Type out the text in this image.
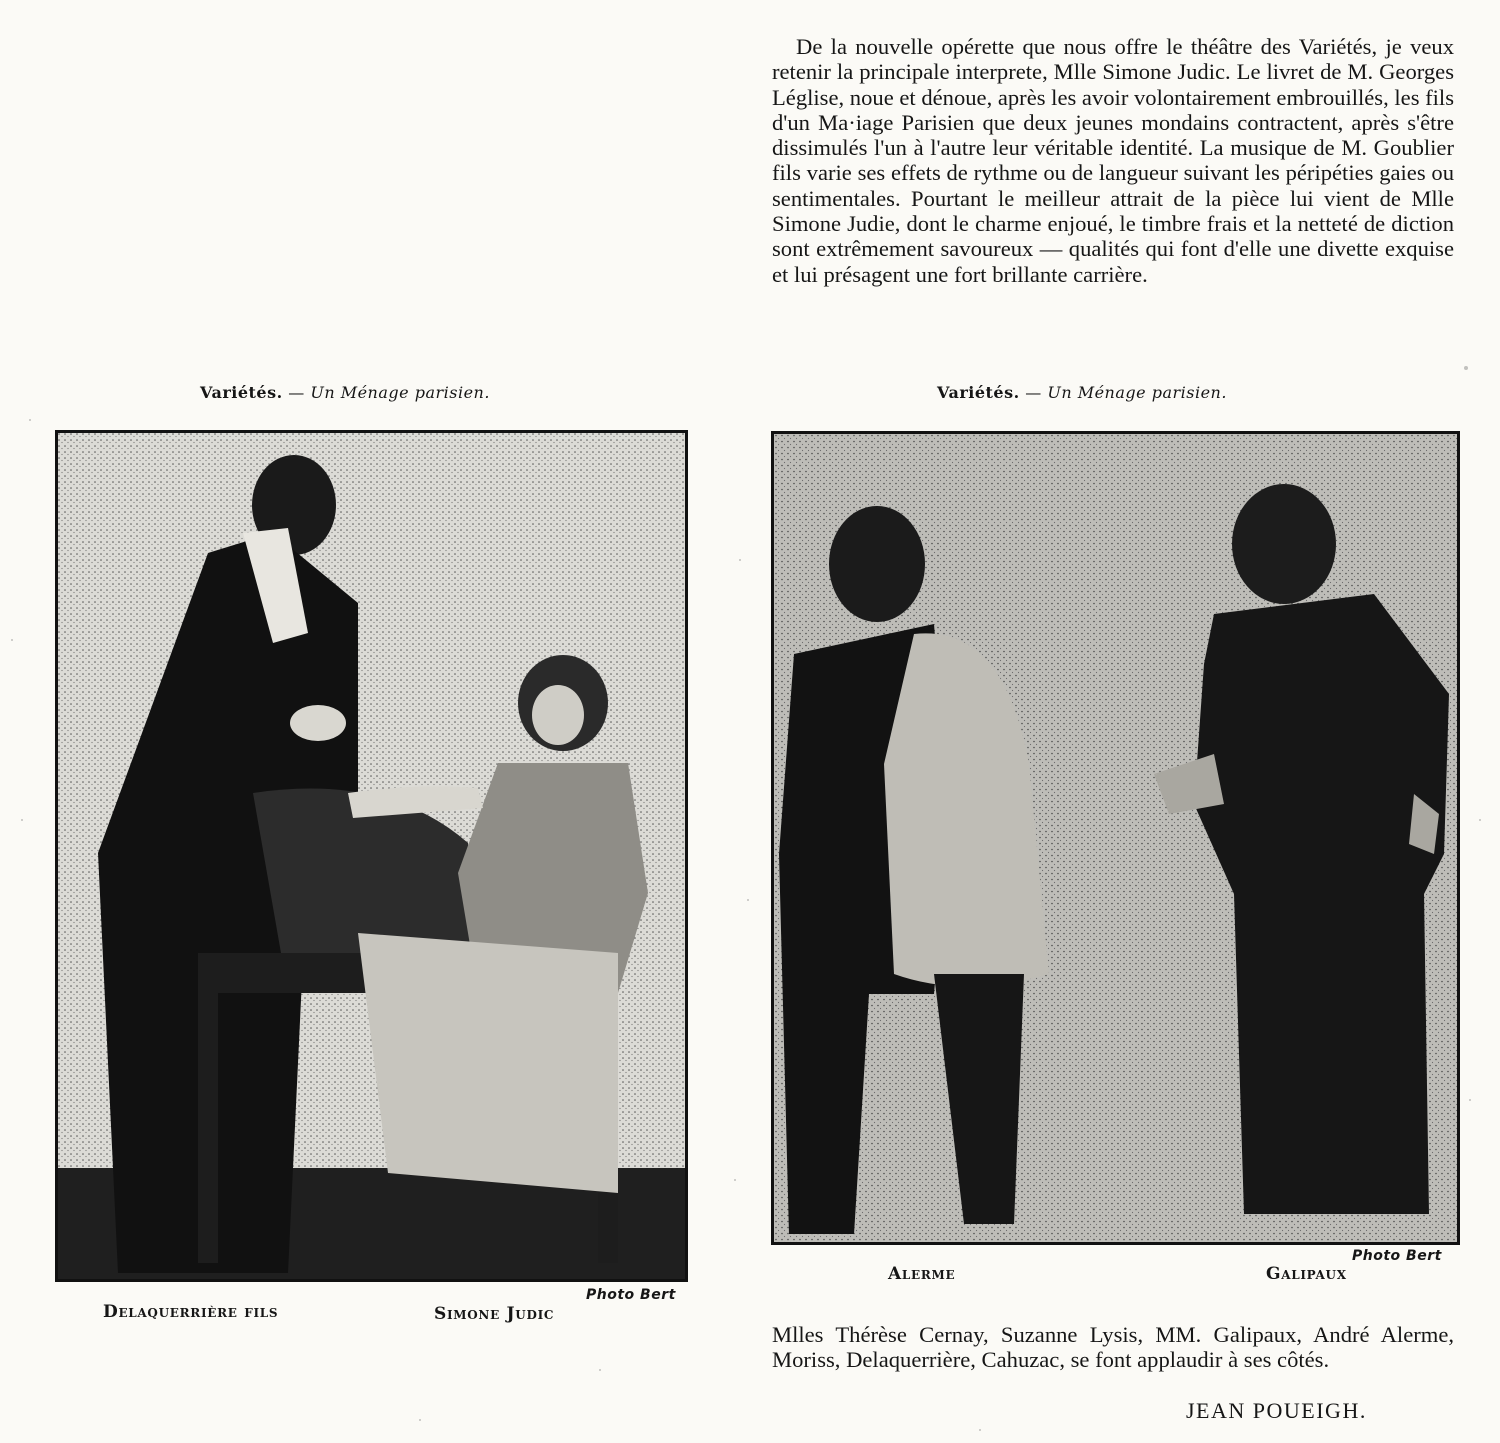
De la nouvelle opérette que nous offre le théâtre des Variétés, je veux retenir la principale interprete, Mlle Simone Judic. Le livret de M. Georges Léglise, noue et dénoue, après les avoir volontairement embrouillés, les fils d'un Ma·iage Parisien que deux jeunes mondains contractent, après s'être dissimulés l'un à l'autre leur véritable identité. La musique de M. Goublier fils varie ses effets de rythme ou de langueur suivant les péripéties gaies ou sentimentales. Pourtant le meilleur attrait de la pièce lui vient de Mlle Simone Judie, dont le charme enjoué, le timbre frais et la netteté de diction sont extrêmement savoureux — qualités qui font d'elle une divette exquise et lui présagent une fort brillante carrière.

Variétés. — Un Ménage parisien.
Photo Bert
Delaquerrière fils	Simone Judic
Variétés. — Un Ménage parisien.
Photo Bert
Alerme	Galipaux

Mlles Thérèse Cernay, Suzanne Lysis, MM. Galipaux, André Alerme, Moriss, Delaquerrière, Cahuzac, se font applaudir à ses côtés.

JEAN POUEIGH.
